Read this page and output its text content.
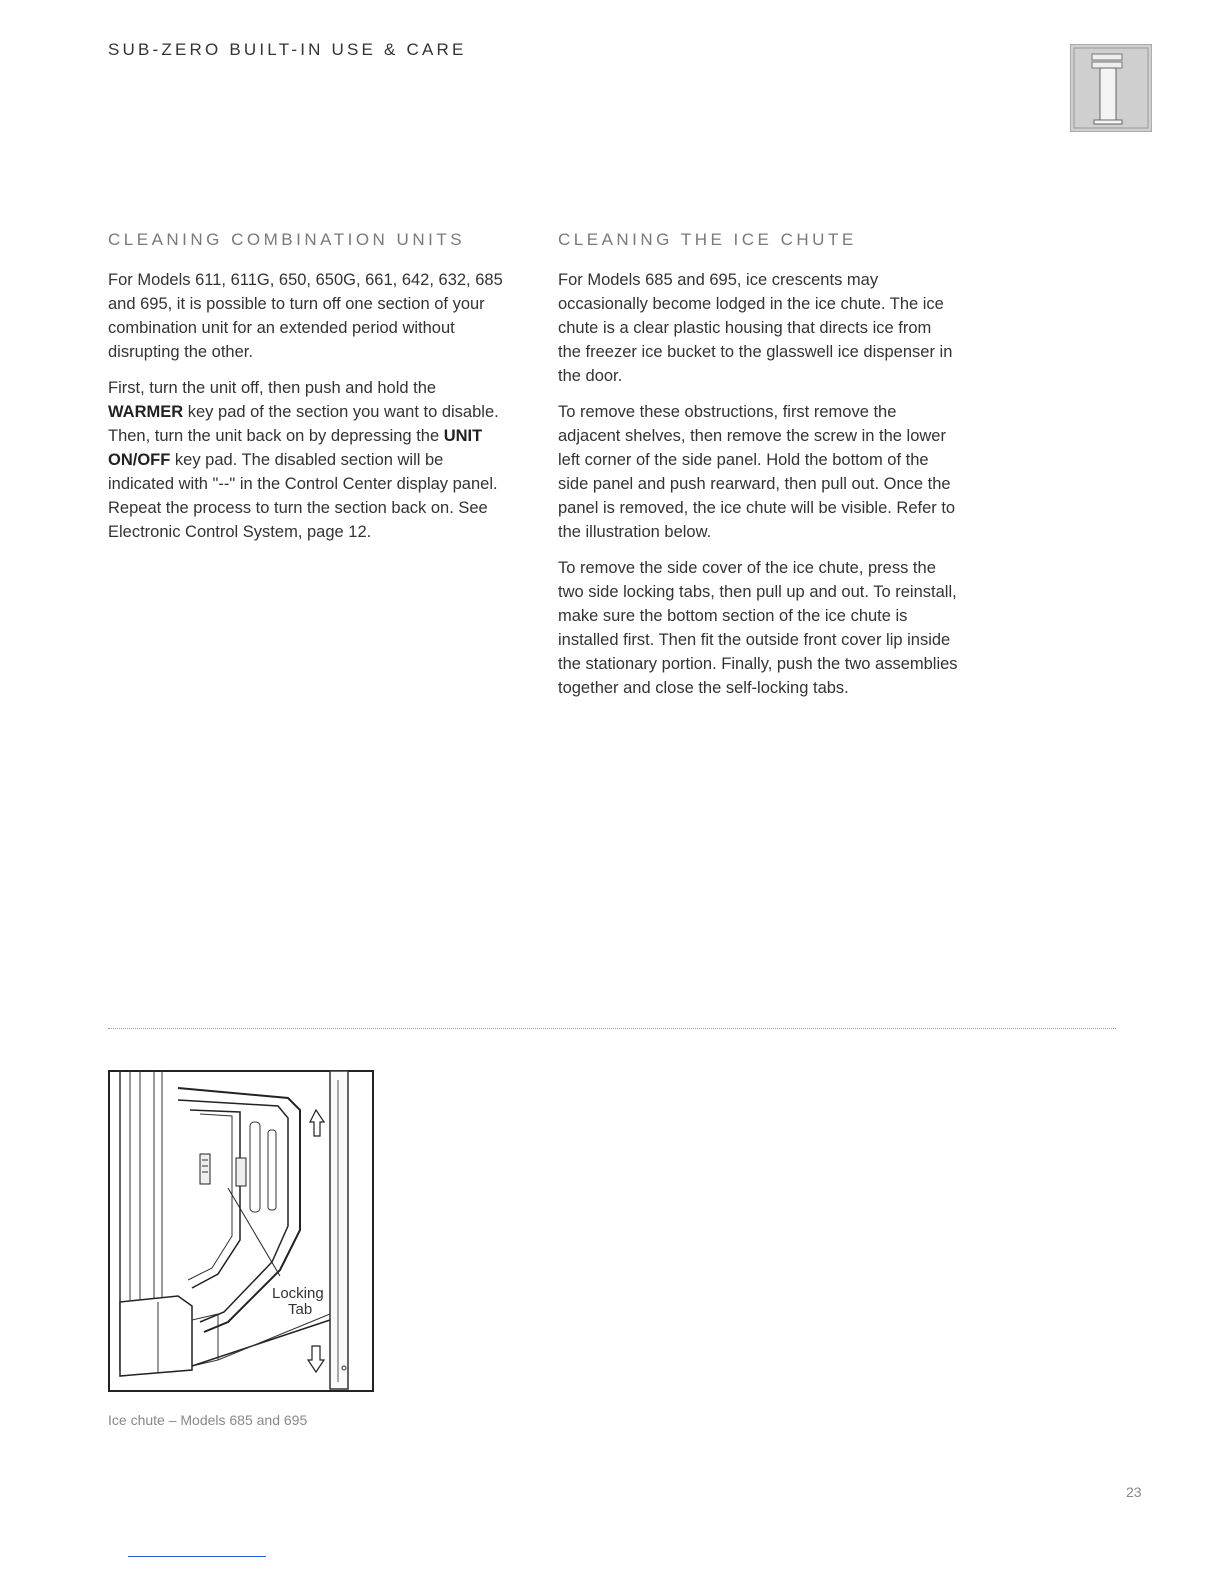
SUB-ZERO BUILT-IN USE & CARE
CLEANING COMBINATION UNITS

For Models 611, 611G, 650, 650G, 661, 642, 632, 685 and 695, it is possible to turn off one section of your combination unit for an extended period without disrupting the other.

First, turn the unit off, then push and hold the WARMER key pad of the section you want to disable. Then, turn the unit back on by depressing the UNIT ON/OFF key pad. The disabled section will be indicated with "--" in the Control Center display panel. Repeat the process to turn the section back on. See Electronic Control System, page 12.

CLEANING THE ICE CHUTE

For Models 685 and 695, ice crescents may occasionally become lodged in the ice chute. The ice chute is a clear plastic housing that directs ice from the freezer ice bucket to the glasswell ice dispenser in the door.

To remove these obstructions, first remove the adjacent shelves, then remove the screw in the lower left corner of the side panel. Hold the bottom of the side panel and push rearward, then pull out. Once the panel is removed, the ice chute will be visible. Refer to the illustration below.

To remove the side cover of the ice chute, press the two side locking tabs, then pull up and out. To reinstall, make sure the bottom section of the ice chute is installed first. Then fit the outside front cover lip inside the stationary portion. Finally, push the two assemblies together and close the self-locking tabs.

Locking
Tab
Ice chute – Models 685 and 695
23
